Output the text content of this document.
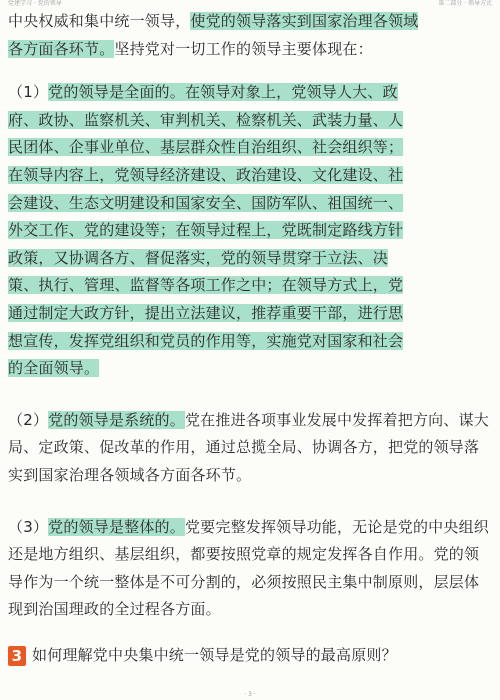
党建学习 · 党的领导	第二部分 · 领导方式

中央权威和集中统一领导，使党的领导落实到国家治理各领域
各方面各环节。坚持党对一切工作的领导主要体现在：

（1）党的领导是全面的。在领导对象上，党领导人大、政
府、政协、监察机关、审判机关、检察机关、武装力量、人
民团体、企事业单位、基层群众性自治组织、社会组织等；
在领导内容上，党领导经济建设、政治建设、文化建设、社
会建设、生态文明建设和国家安全、国防军队、祖国统一、
外交工作、党的建设等；在领导过程上，党既制定路线方针
政策，又协调各方、督促落实，党的领导贯穿于立法、决
策、执行、管理、监督等各项工作之中；在领导方式上，党
通过制定大政方针，提出立法建议，推荐重要干部，进行思
想宣传，发挥党组织和党员的作用等，实施党对国家和社会
的全面领导。

（2）党的领导是系统的。党在推进各项事业发展中发挥着把方向、谋大局、定政策、促改革的作用，通过总揽全局、协调各方，把党的领导落实到国家治理各领域各方面各环节。

（3）党的领导是整体的。党要完整发挥领导功能，无论是党的中央组织还是地方组织、基层组织，都要按照党章的规定发挥各自作用。党的领导作为一个统一整体是不可分割的，必须按照民主集中制原则，层层体现到治国理政的全过程各方面。

3 如何理解党中央集中统一领导是党的领导的最高原则？
· 3 ·
